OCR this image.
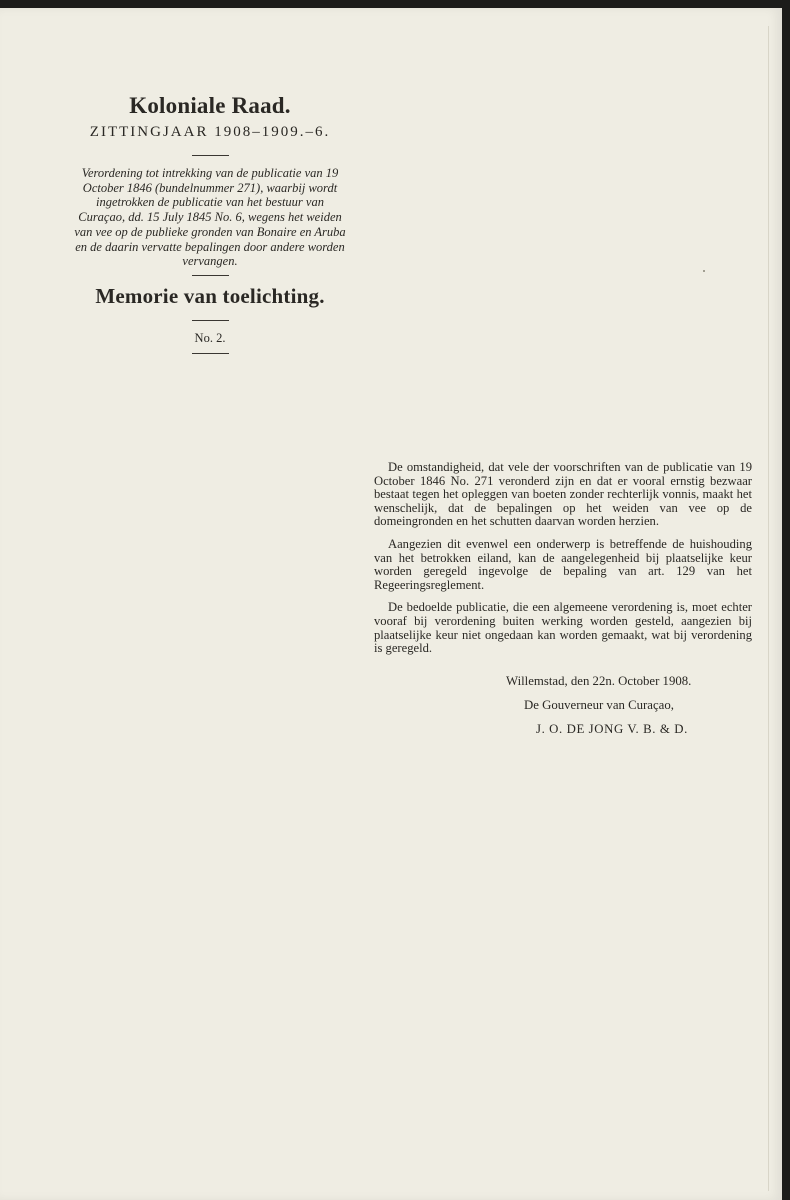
Koloniale Raad.
ZITTINGJAAR 1908–1909.–6.

Verordening tot intrekking van de publicatie van 19 October 1846 (bundelnummer 271), waarbij wordt ingetrokken de publicatie van het bestuur van Curaçao, dd. 15 July 1845 No. 6, wegens het weiden van vee op de publieke gronden van Bonaire en Aruba en de daarin vervatte bepalingen door andere worden vervangen.

Memorie van toelichting.
No. 2.

De omstandigheid, dat vele der voorschriften van de publicatie van 19 October 1846 No. 271 veronderd zijn en dat er vooral ernstig bezwaar bestaat tegen het opleggen van boeten zonder rechterlijk vonnis, maakt het wenschelijk, dat de bepalingen op het weiden van vee op de domeingronden en het schutten daarvan worden herzien.

Aangezien dit evenwel een onderwerp is betreffende de huishouding van het betrokken eiland, kan de aangelegenheid bij plaatselijke keur worden geregeld ingevolge de bepaling van art. 129 van het Regeeringsreglement.

De bedoelde publicatie, die een algemeene verordening is, moet echter vooraf bij verordening buiten werking worden gesteld, aangezien bij plaatselijke keur niet ongedaan kan worden gemaakt, wat bij verordening is geregeld.

Willemstad, den 22n. October 1908.
De Gouverneur van Curaçao,
J. O. DE JONG V. B. & D.
